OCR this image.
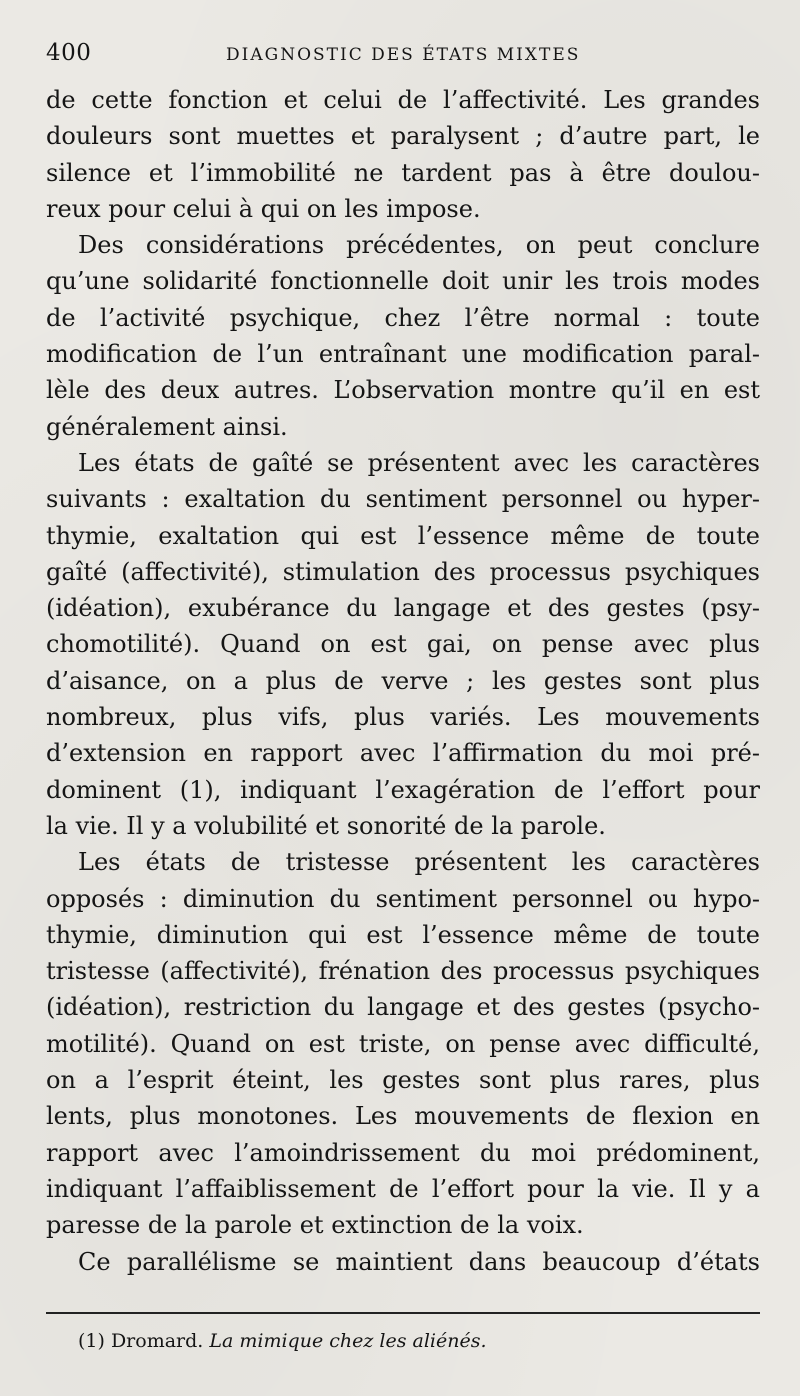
400	DIAGNOSTIC DES ÉTATS MIXTES
de cette fonction et celui de l’affectivité. Les grandes
douleurs sont muettes et paralysent ; d’autre part, le
silence et l’immobilité ne tardent pas à être doulou-
reux pour celui à qui on les impose.
Des considérations précédentes, on peut conclure
qu’une solidarité fonctionnelle doit unir les trois modes
de l’activité psychique, chez l’être normal : toute
modification de l’un entraînant une modification paral-
lèle des deux autres. L’observation montre qu’il en est
généralement ainsi.
Les états de gaîté se présentent avec les caractères
suivants : exaltation du sentiment personnel ou hyper-
thymie, exaltation qui est l’essence même de toute
gaîté (affectivité), stimulation des processus psychiques
(idéation), exubérance du langage et des gestes (psy-
chomotilité). Quand on est gai, on pense avec plus
d’aisance, on a plus de verve ; les gestes sont plus
nombreux, plus vifs, plus variés. Les mouvements
d’extension en rapport avec l’affirmation du moi pré-
dominent (1), indiquant l’exagération de l’effort pour
la vie. Il y a volubilité et sonorité de la parole.
Les états de tristesse présentent les caractères
opposés : diminution du sentiment personnel ou hypo-
thymie, diminution qui est l’essence même de toute
tristesse (affectivité), frénation des processus psychiques
(idéation), restriction du langage et des gestes (psycho-
motilité). Quand on est triste, on pense avec difficulté,
on a l’esprit éteint, les gestes sont plus rares, plus
lents, plus monotones. Les mouvements de flexion en
rapport avec l’amoindrissement du moi prédominent,
indiquant l’affaiblissement de l’effort pour la vie. Il y a
paresse de la parole et extinction de la voix.
Ce parallélisme se maintient dans beaucoup d’états
(1) Dromard. La mimique chez les aliénés.
